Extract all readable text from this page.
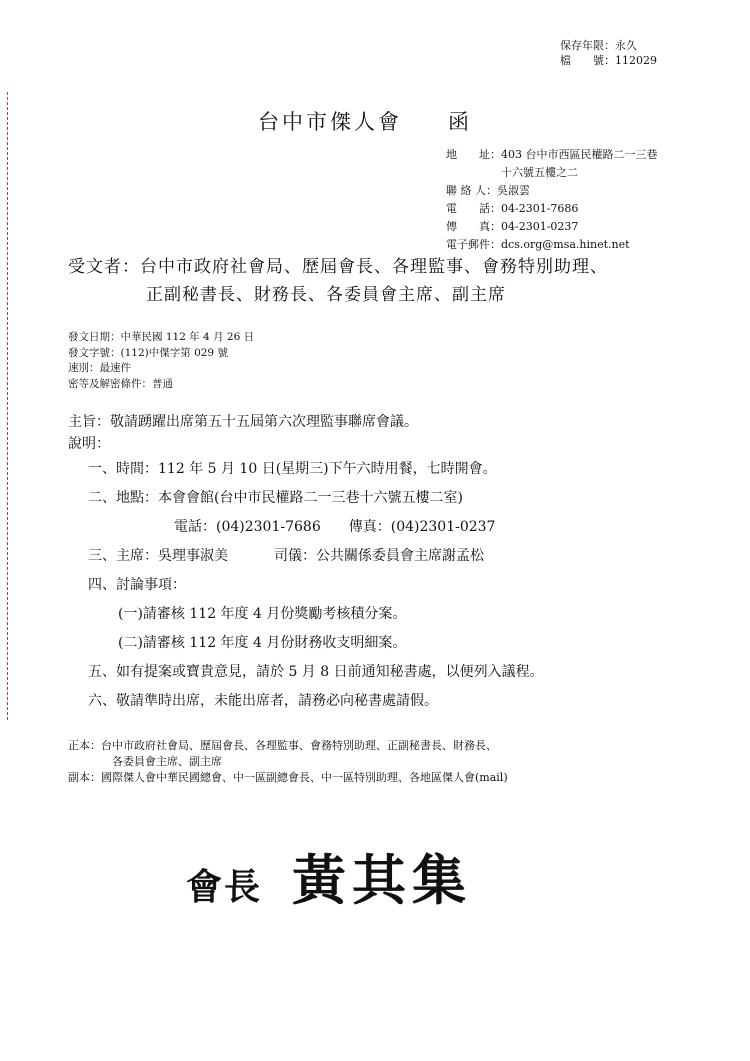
保存年限： 永久
檔　　號： 112029
台中市傑人會 函
地　　址： 403 台中市西區民權路二一三巷
十六號五樓之二
聯 絡 人： 吳淑雲
電　　話： 04-2301-7686
傳　　真： 04-2301-0237
電子郵件： dcs.org@msa.hinet.net
受文者：台中市政府社會局、歷屆會長、各理監事、會務特別助理、
正副秘書長、財務長、各委員會主席、副主席
發文日期：中華民國 112 年 4 月 26 日
發文字號：(112)中傑字第 029 號
速別：最速件
密等及解密條件：普通
主旨：敬請踴躍出席第五十五屆第六次理監事聯席會議。
說明：
一、時間：112 年 5 月 10 日(星期三)下午六時用餐，七時開會。
二、地點：本會會館(台中市民權路二一三巷十六號五樓二室)
電話：(04)2301-7686 傳真：(04)2301-0237
三、主席：吳理事淑美	司儀：公共關係委員會主席謝孟松
四、討論事項：
(一)請審核 112 年度 4 月份獎勵考核積分案。
(二)請審核 112 年度 4 月份財務收支明細案。
五、如有提案或寶貴意見，請於 5 月 8 日前通知秘書處，以便列入議程。
六、敬請準時出席，未能出席者，請務必向秘書處請假。
正本：台中市政府社會局、歷屆會長、各理監事、會務特別助理、正副秘書長、財務長、
各委員會主席、副主席
副本：國際傑人會中華民國總會、中一區副總會長、中一區特別助理、各地區傑人會(mail)
會長 黃其集
